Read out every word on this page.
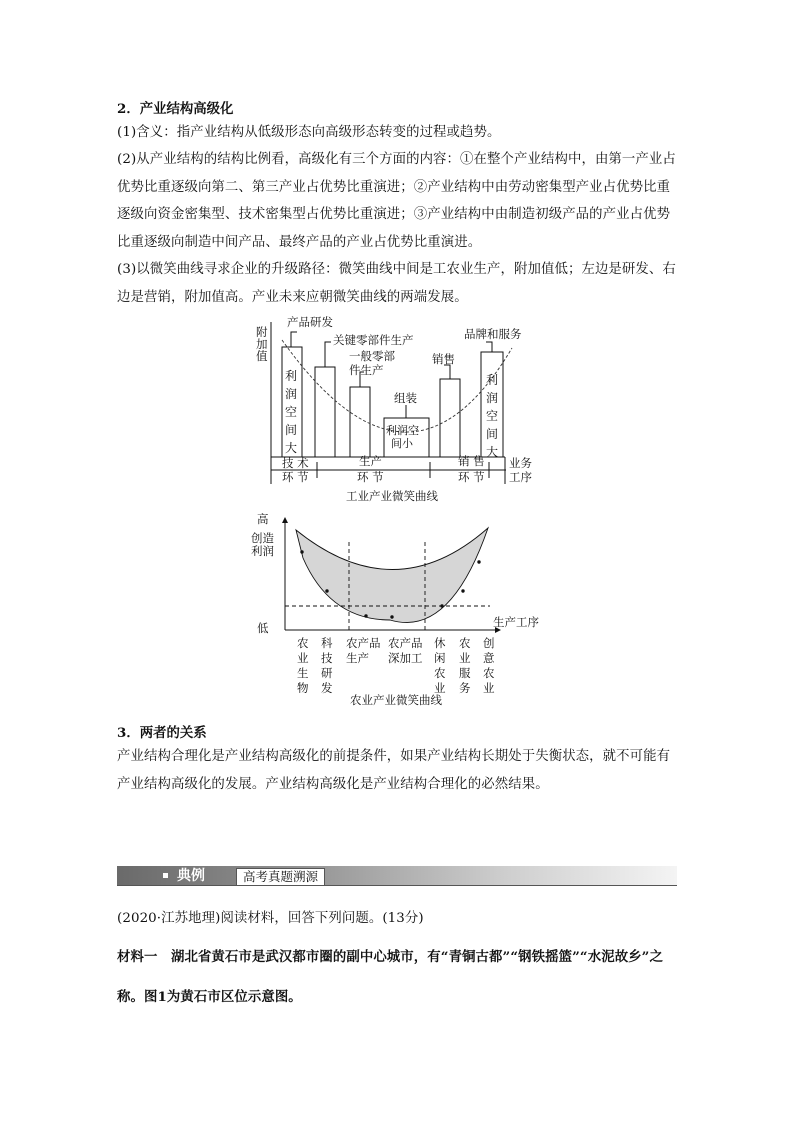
2．产业结构高级化
(1)含义：指产业结构从低级形态向高级形态转变的过程或趋势。
(2)从产业结构的结构比例看，高级化有三个方面的内容：①在整个产业结构中，由第一产业占优势比重逐级向第二、第三产业占优势比重演进；②产业结构中由劳动密集型产业占优势比重逐级向资金密集型、技术密集型占优势比重演进；③产业结构中由制造初级产品的产业占优势比重逐级向制造中间产品、最终产品的产业占优势比重演进。
(3)以微笑曲线寻求企业的升级路径：微笑曲线中间是工农业生产，附加值低；左边是研发、右边是营销，附加值高。产业未来应朝微笑曲线的两端发展。
产品研发
关键零部件生产
一般零部
件生产
组装
销售
品牌和服务
利润空
间小
技 术
环 节
生产
环 节
销 售
环 节
业务
工序
工业产业微笑曲线
利
润
空
间
大
利
润
空
间
大
附
加
值
高
创造
利润
低	生产工序
农产品
生产
农产品
深加工
农业产业微笑曲线
农
业
生
物
科
技
研
发
休
闲
农
业
农
业
服
务
创
意
农
业
3．两者的关系
产业结构合理化是产业结构高级化的前提条件，如果产业结构长期处于失衡状态，就不可能有产业结构高级化的发展。产业结构高级化是产业结构合理化的必然结果。
典例	高考真题溯源
(2020·江苏地理)阅读材料，回答下列问题。(13分)
材料一　湖北省黄石市是武汉都市圈的副中心城市，有“青铜古都”“钢铁摇篮”“水泥故乡”之称。图1为黄石市区位示意图。
